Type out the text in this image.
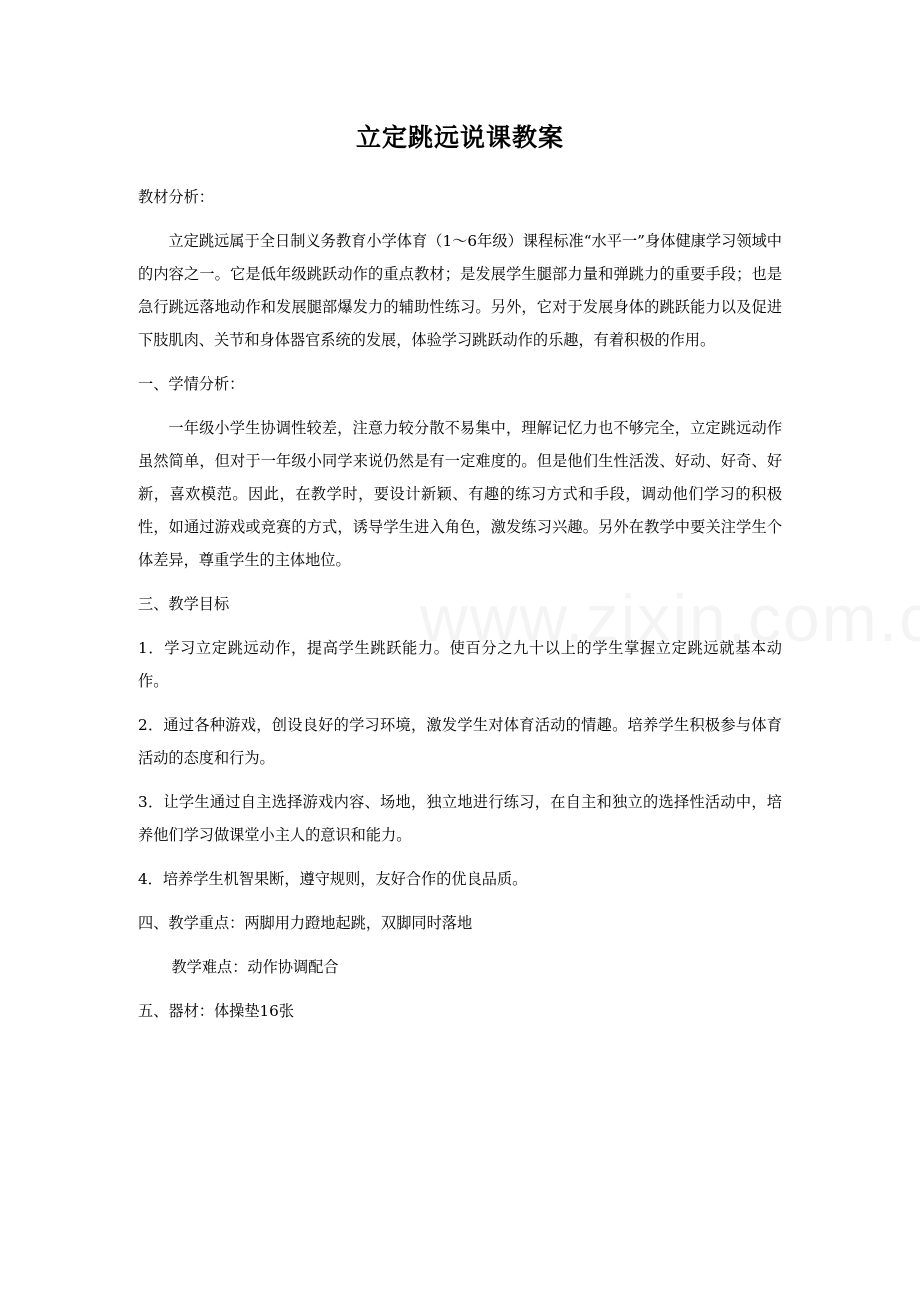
立定跳远说课教案

教材分析：

立定跳远属于全日制义务教育小学体育（1～6年级）课程标准“水平一”身体健康学习领域中的内容之一。它是低年级跳跃动作的重点教材；是发展学生腿部力量和弹跳力的重要手段；也是急行跳远落地动作和发展腿部爆发力的辅助性练习。另外，它对于发展身体的跳跃能力以及促进下肢肌肉、关节和身体器官系统的发展，体验学习跳跃动作的乐趣，有着积极的作用。

一、学情分析：

一年级小学生协调性较差，注意力较分散不易集中，理解记忆力也不够完全，立定跳远动作虽然简单，但对于一年级小同学来说仍然是有一定难度的。但是他们生性活泼、好动、好奇、好新，喜欢模范。因此，在教学时，要设计新颖、有趣的练习方式和手段，调动他们学习的积极性，如通过游戏或竞赛的方式，诱导学生进入角色，激发练习兴趣。另外在教学中要关注学生个体差异，尊重学生的主体地位。

三、教学目标

1．学习立定跳远动作，提高学生跳跃能力。使百分之九十以上的学生掌握立定跳远就基本动作。

2．通过各种游戏，创设良好的学习环境，激发学生对体育活动的情趣。培养学生积极参与体育活动的态度和行为。

3．让学生通过自主选择游戏内容、场地，独立地进行练习，在自主和独立的选择性活动中，培养他们学习做课堂小主人的意识和能力。

4．培养学生机智果断，遵守规则，友好合作的优良品质。

四、教学重点：两脚用力蹬地起跳，双脚同时落地

教学难点：动作协调配合

五、器材：体操垫16张
